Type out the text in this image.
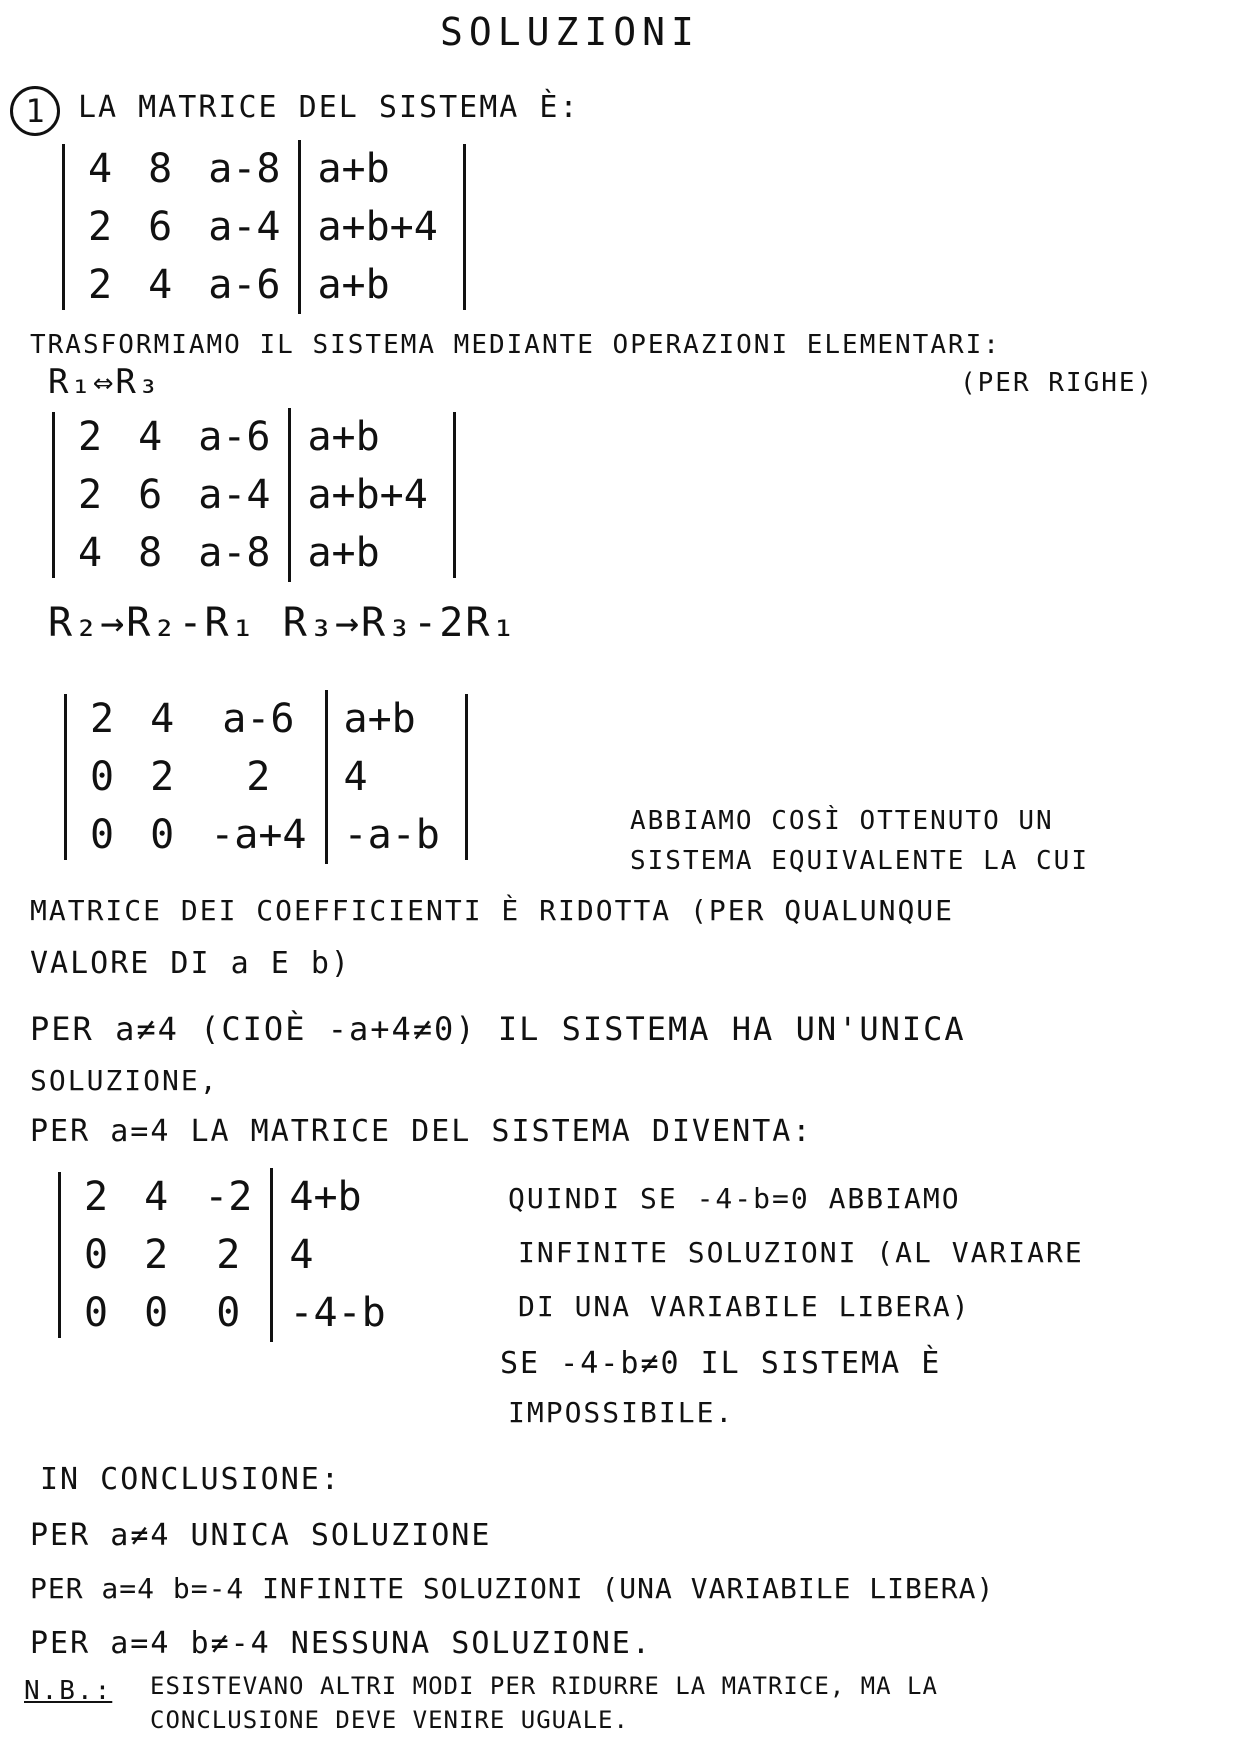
SOLUZIONI
1	LA MATRICE DEL SISTEMA È:
4	8	a-8	a+b
2	6	a-4	a+b+4
2	4	a-6	a+b
TRASFORMIAMO IL SISTEMA MEDIANTE OPERAZIONI ELEMENTARI:
R₁⇔R₃	(PER RIGHE)
2	4	a-6	a+b
2	6	a-4	a+b+4
4	8	a-8	a+b
R₂→R₂-R₁ R₃→R₃-2R₁
2	4	a-6	a+b
0	2	2	4
0	0	-a+4	-a-b	ABBIAMO COSÌ OTTENUTO UN
SISTEMA EQUIVALENTE LA CUI
MATRICE DEI COEFFICIENTI È RIDOTTA (PER QUALUNQUE
VALORE DI a E b)
PER a≠4 (CIOÈ -a+4≠0) IL SISTEMA HA UN'UNICA
SOLUZIONE,
PER a=4 LA MATRICE DEL SISTEMA DIVENTA:
2	4	-2	4+b
0	2	2	4
0	0	0	-4-b
QUINDI SE -4-b=0 ABBIAMO
INFINITE SOLUZIONI (AL VARIARE
DI UNA VARIABILE LIBERA)
SE -4-b≠0 IL SISTEMA È
IMPOSSIBILE.
IN CONCLUSIONE:
PER a≠4 UNICA SOLUZIONE
PER a=4 b=-4 INFINITE SOLUZIONI (UNA VARIABILE LIBERA)
PER a=4 b≠-4 NESSUNA SOLUZIONE.
N.B.: ESISTEVANO ALTRI MODI PER RIDURRE LA MATRICE, MA LA
CONCLUSIONE DEVE VENIRE UGUALE.
